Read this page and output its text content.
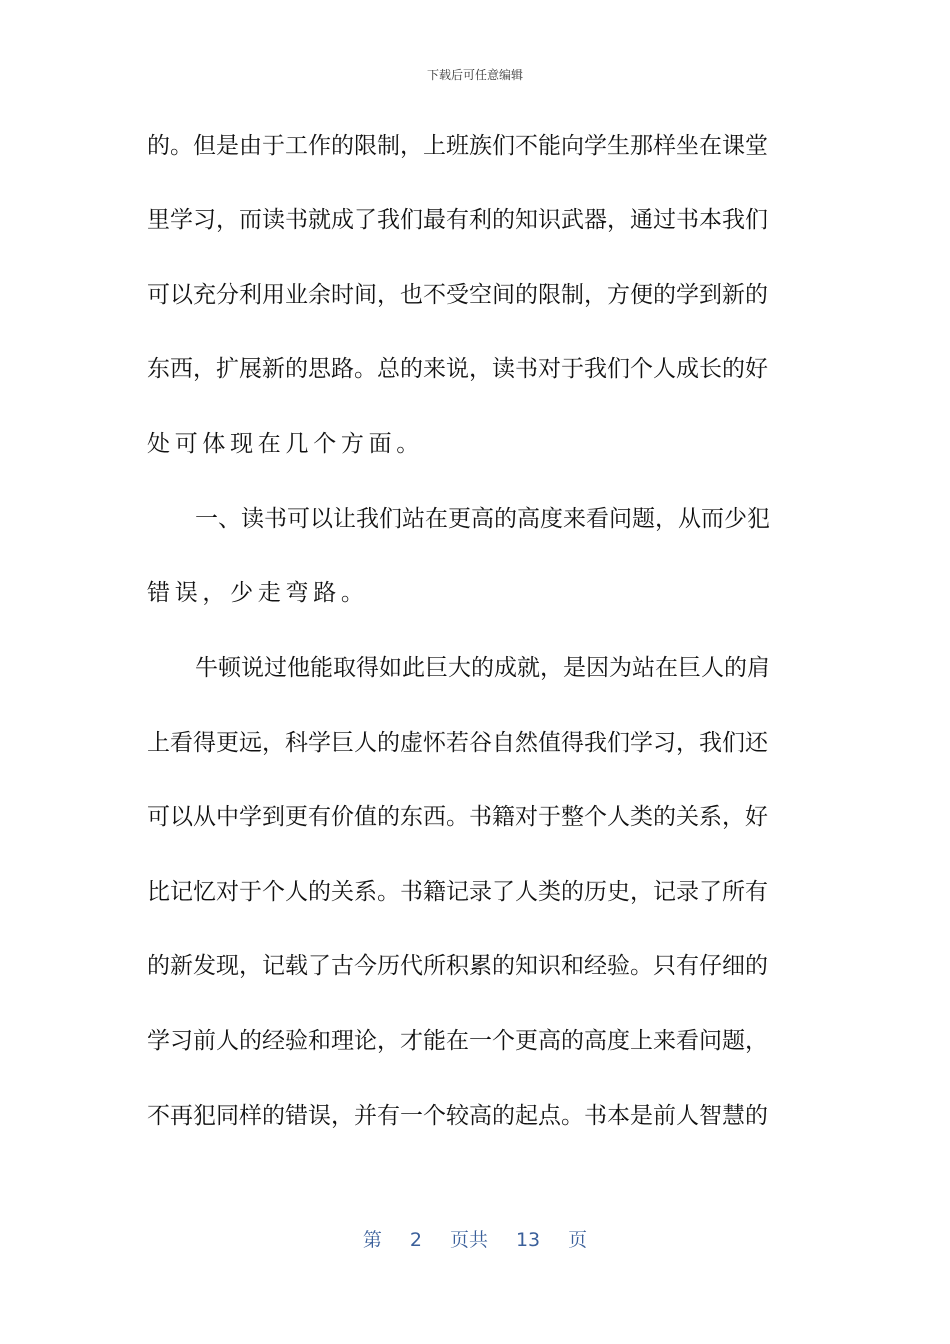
下载后可任意编辑
的。但是由于工作的限制，上班族们不能向学生那样坐在课堂
里学习，而读书就成了我们最有利的知识武器，通过书本我们
可以充分利用业余时间，也不受空间的限制，方便的学到新的
东西，扩展新的思路。总的来说，读书对于我们个人成长的好
处可体现在几个方面。
一、读书可以让我们站在更高的高度来看问题，从而少犯
错误，少走弯路。
牛顿说过他能取得如此巨大的成就，是因为站在巨人的肩
上看得更远，科学巨人的虚怀若谷自然值得我们学习，我们还
可以从中学到更有价值的东西。书籍对于整个人类的关系，好
比记忆对于个人的关系。书籍记录了人类的历史，记录了所有
的新发现，记载了古今历代所积累的知识和经验。只有仔细的
学习前人的经验和理论，才能在一个更高的高度上来看问题，
不再犯同样的错误，并有一个较高的起点。书本是前人智慧的
第 2 页共 13 页
